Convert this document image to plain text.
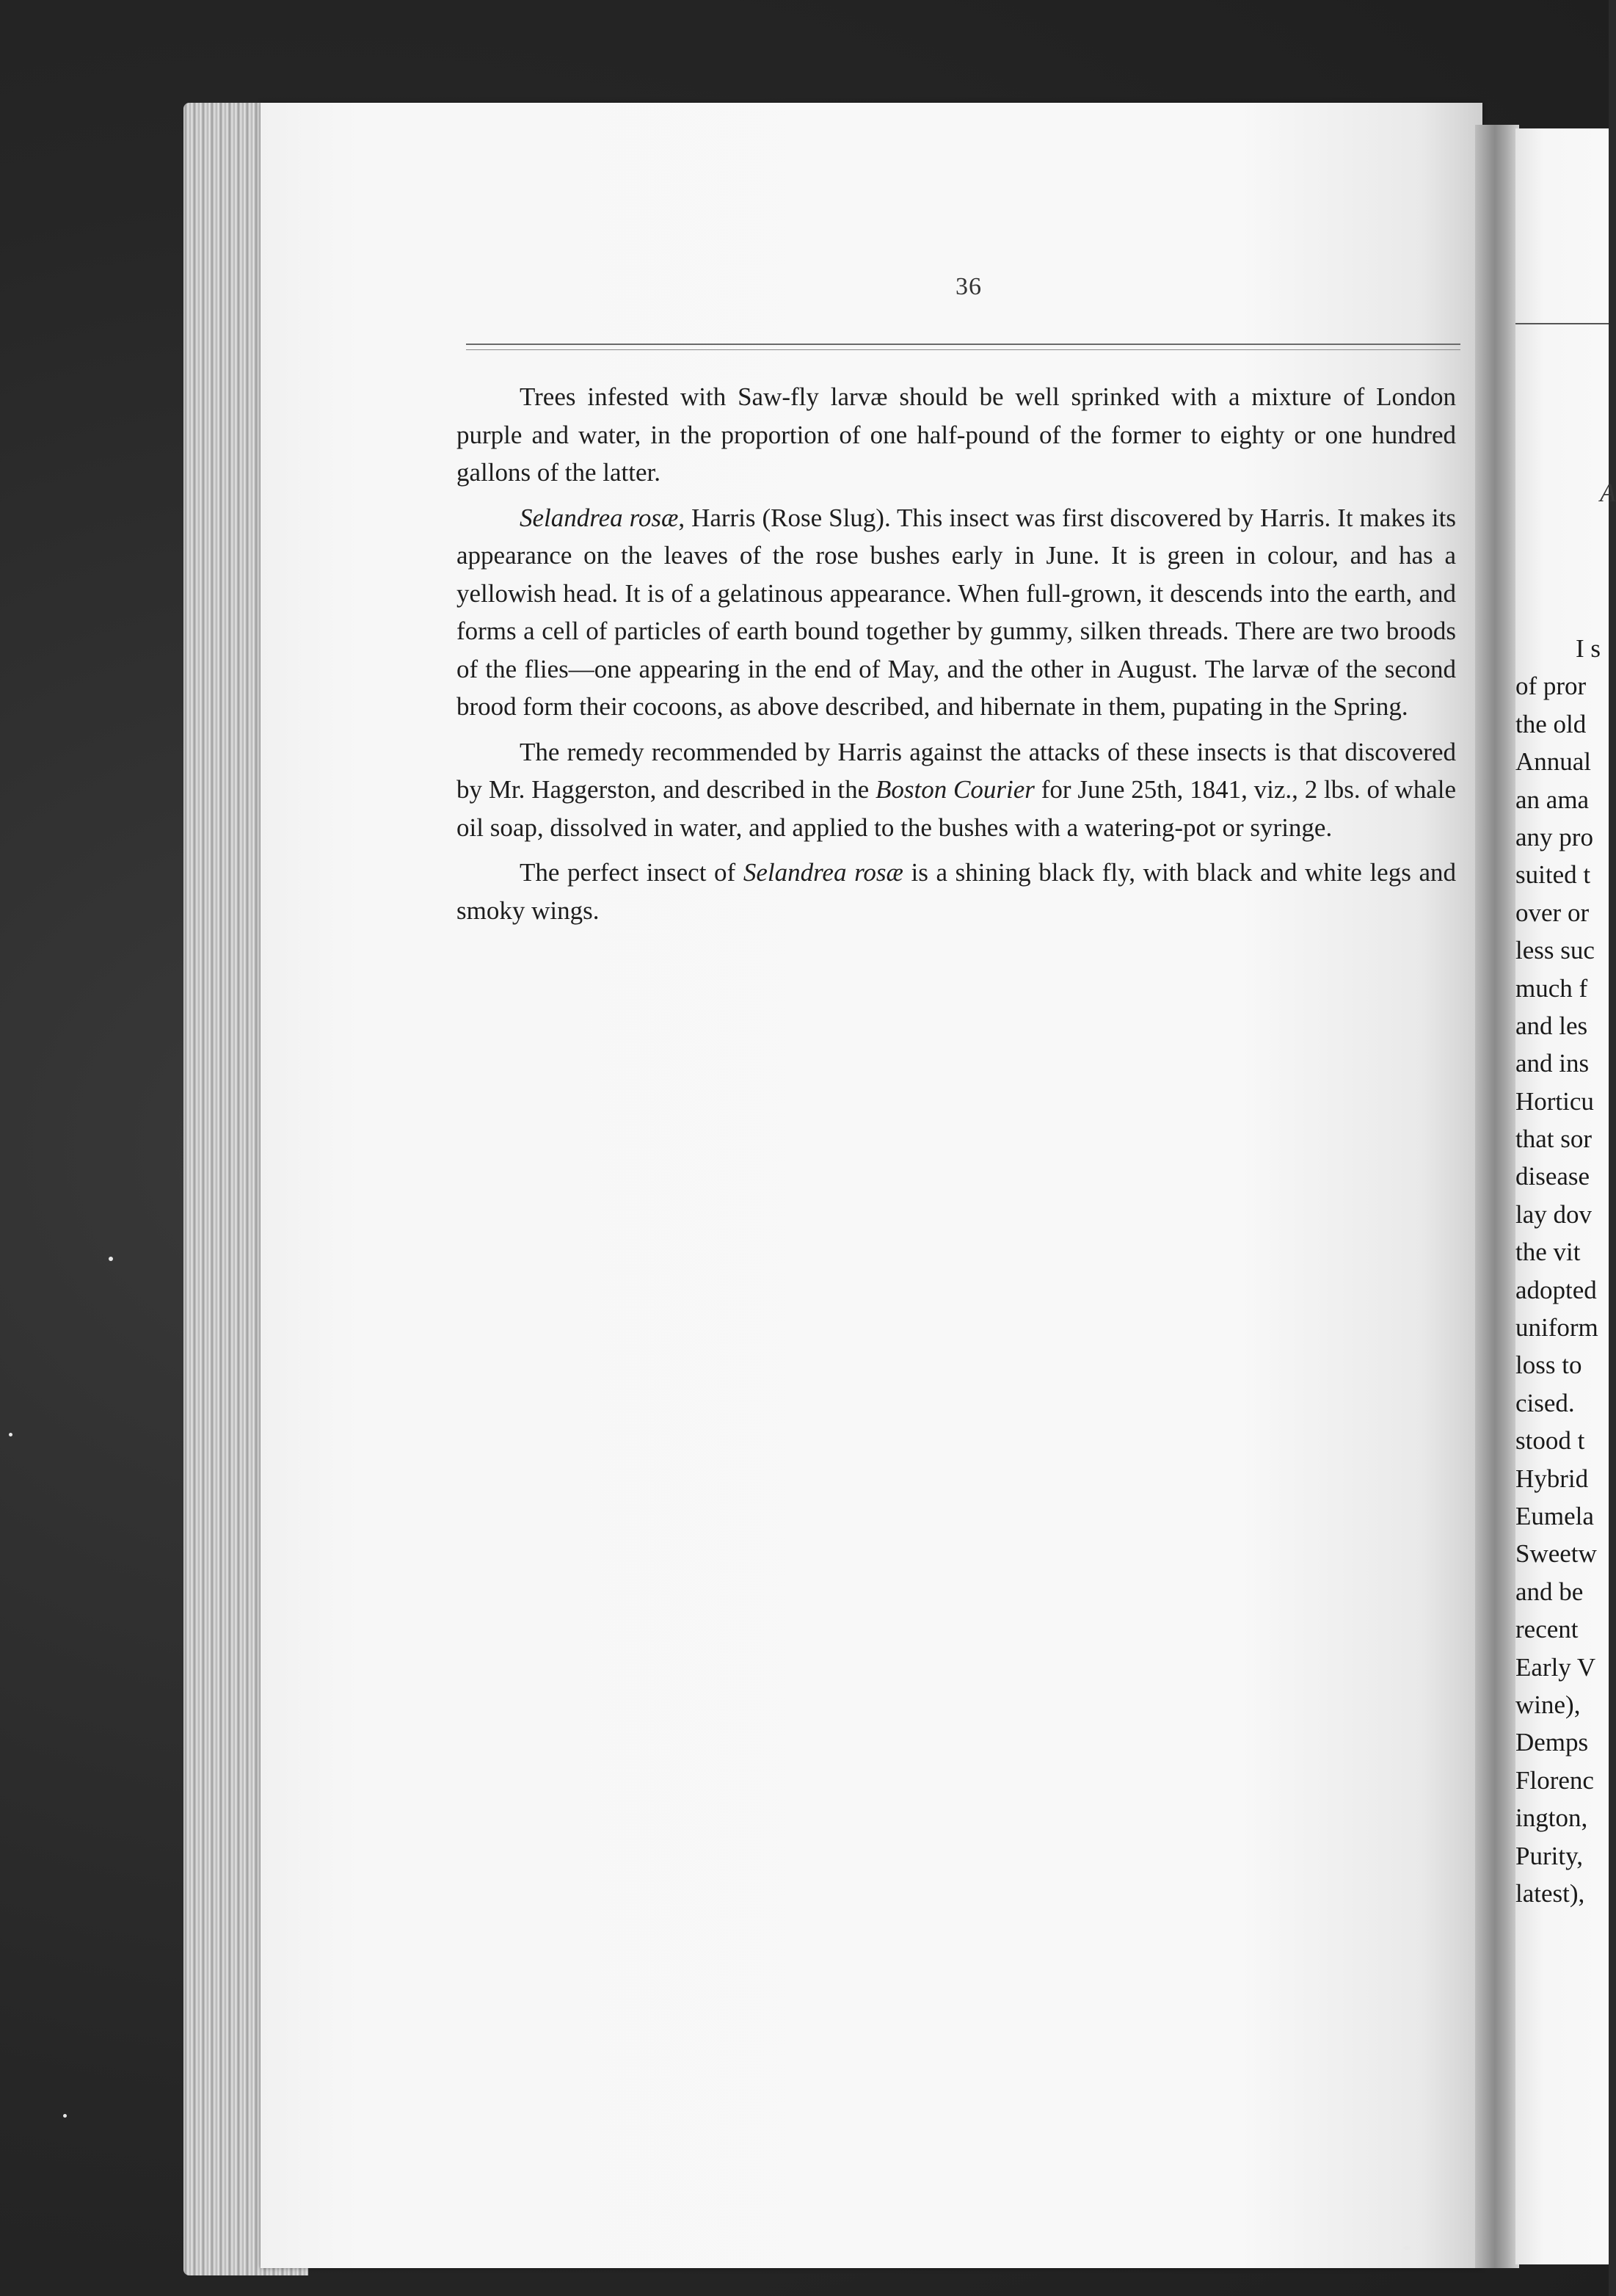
36

Trees infested with Saw-fly larvæ should be well sprinked with a mixture of London purple and water, in the proportion of one half-pound of the former to eighty or one hundred gallons of the latter.

Selandrea rosæ, Harris (Rose Slug). This insect was first discovered by Harris. It makes its appearance on the leaves of the rose bushes early in June. It is green in colour, and has a yellowish head. It is of a gelatinous appearance. When full-grown, it descends into the earth, and forms a cell of particles of earth bound together by gummy, silken threads. There are two broods of the flies—one appearing in the end of May, and the other in August. The larvæ of the second brood form their cocoons, as above described, and hibernate in them, pupating in the Spring.

The remedy recommended by Harris against the attacks of these insects is that discovered by Mr. Haggerston, and described in the Boston Courier for June 25th, 1841, viz., 2 lbs. of whale oil soap, dissolved in water, and applied to the bushes with a watering-pot or syringe.

The perfect insect of Selandrea rosæ is a shining black fly, with black and white legs and smoky wings.

A
I s
of pror
the old
Annual
an ama
any pro
suited t
over or
less suc
much f
and les
and ins
Horticu
that sor
disease
lay dov
the vit
adopted
uniform
loss to
cised.
stood t
Hybrid
Eumela
Sweetw
and be
recent
Early V
wine),
Demps
Florenc
ington,
Purity,
latest),
